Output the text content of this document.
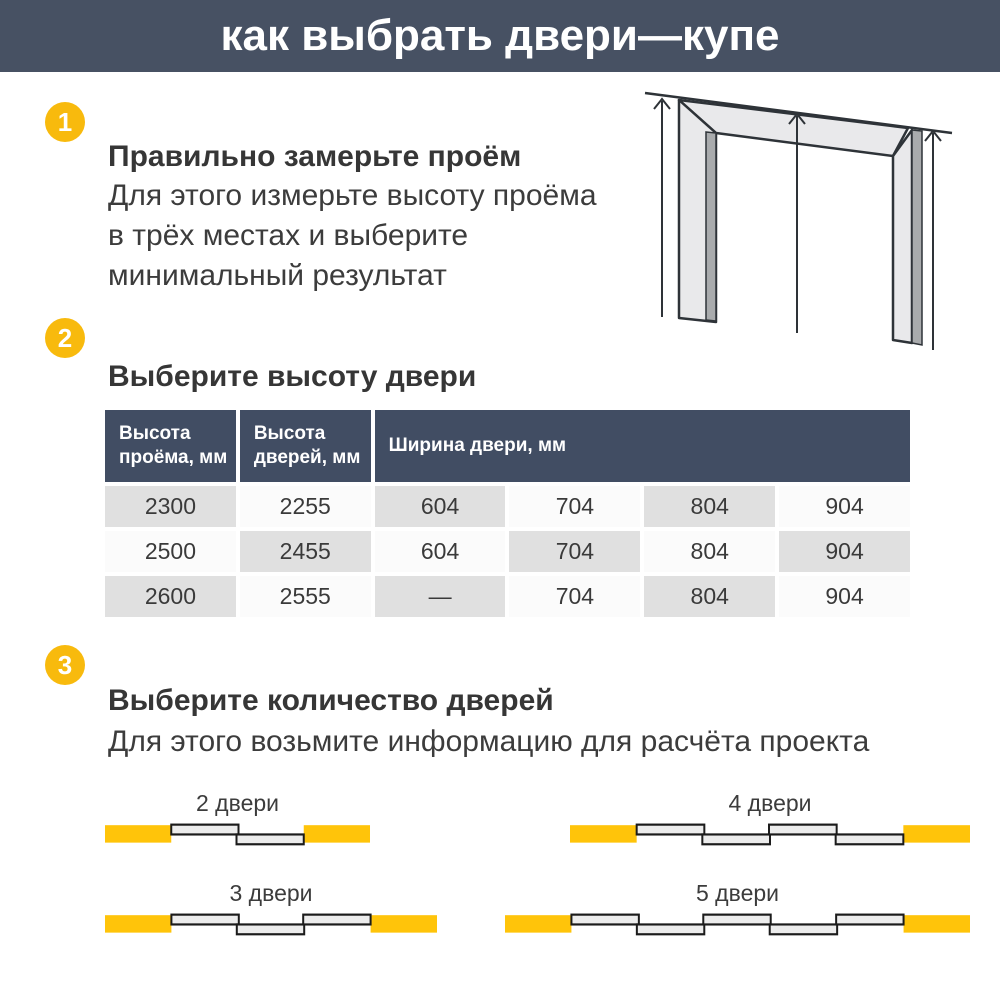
как выбрать двери—купе
1
2
3
Правильно замерьте проём
Для этого измерьте высоту проёма
в трёх местах и выберите
минимальный результат
Выберите высоту двери
Высота проёма, мм
Высота дверей, мм
Ширина двери, мм
2300	2255	604	704	804	904
2500	2455	604	704	804	904
2600	2555	—	704	804	904
Выберите количество дверей
Для этого возьмите информацию для расчёта проекта
2 двери	4 двери
3 двери	5 двери
